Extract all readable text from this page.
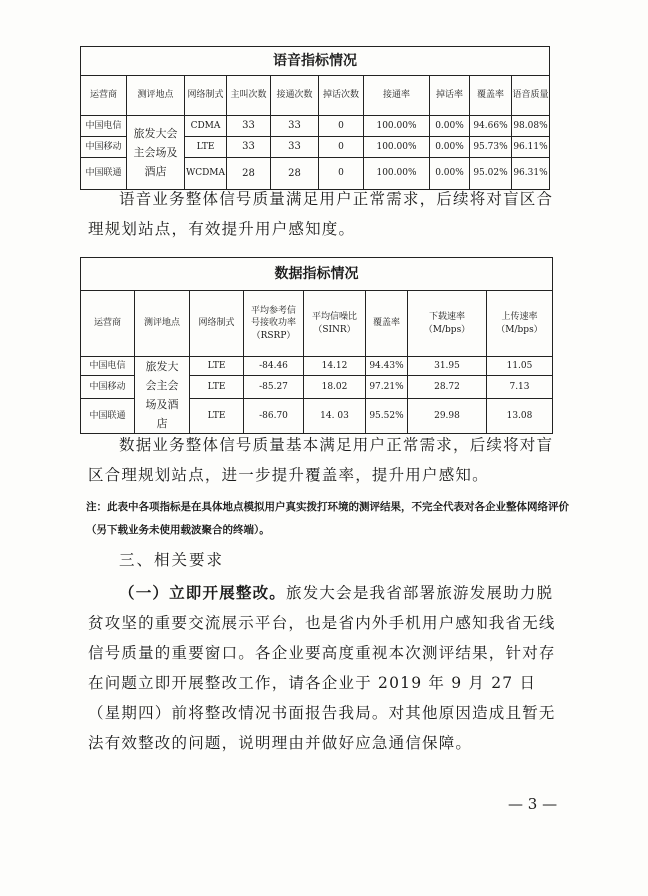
语音指标情况									
运营商	测评地点	网络制式	主叫次数	接通次数	掉话次数	接通率	掉话率	覆盖率	语音质量
中国电信	旅发大会主会场及酒店	CDMA	33	33	0	100.00%	0.00%	94.66%	98.08%
中国移动		LTE	33	33	0	100.00%	0.00%	95.73%	96.11%
中国联通		WCDMA	28	28	0	100.00%	0.00%	95.02%	96.31%

语音业务整体信号质量满足用户正常需求，后续将对盲区合理规划站点，有效提升用户感知度。

数据指标情况							
运营商	测评地点	网络制式	平均参考信号接收功率（RSRP）	平均信噪比（SINR）	覆盖率	下载速率（M/bps）	上传速率（M/bps）
中国电信	旅发大会主会场及酒店	LTE	-84.46	14.12	94.43%	31.95	11.05
中国移动		LTE	-85.27	18.02	97.21%	28.72	7.13
中国联通		LTE	-86.70	14. 03	95.52%	29.98	13.08

数据业务整体信号质量基本满足用户正常需求，后续将对盲区合理规划站点，进一步提升覆盖率，提升用户感知。

注：此表中各项指标是在具体地点模拟用户真实拨打环境的测评结果，不完全代表对各企业整体网络评价（另下载业务未使用载波聚合的终端）。

三、相关要求

（一）立即开展整改。旅发大会是我省部署旅游发展助力脱贫攻坚的重要交流展示平台，也是省内外手机用户感知我省无线信号质量的重要窗口。各企业要高度重视本次测评结果，针对存在问题立即开展整改工作，请各企业于 2019 年 9 月 27 日（星期四）前将整改情况书面报告我局。对其他原因造成且暂无法有效整改的问题，说明理由并做好应急通信保障。

— 3 —
